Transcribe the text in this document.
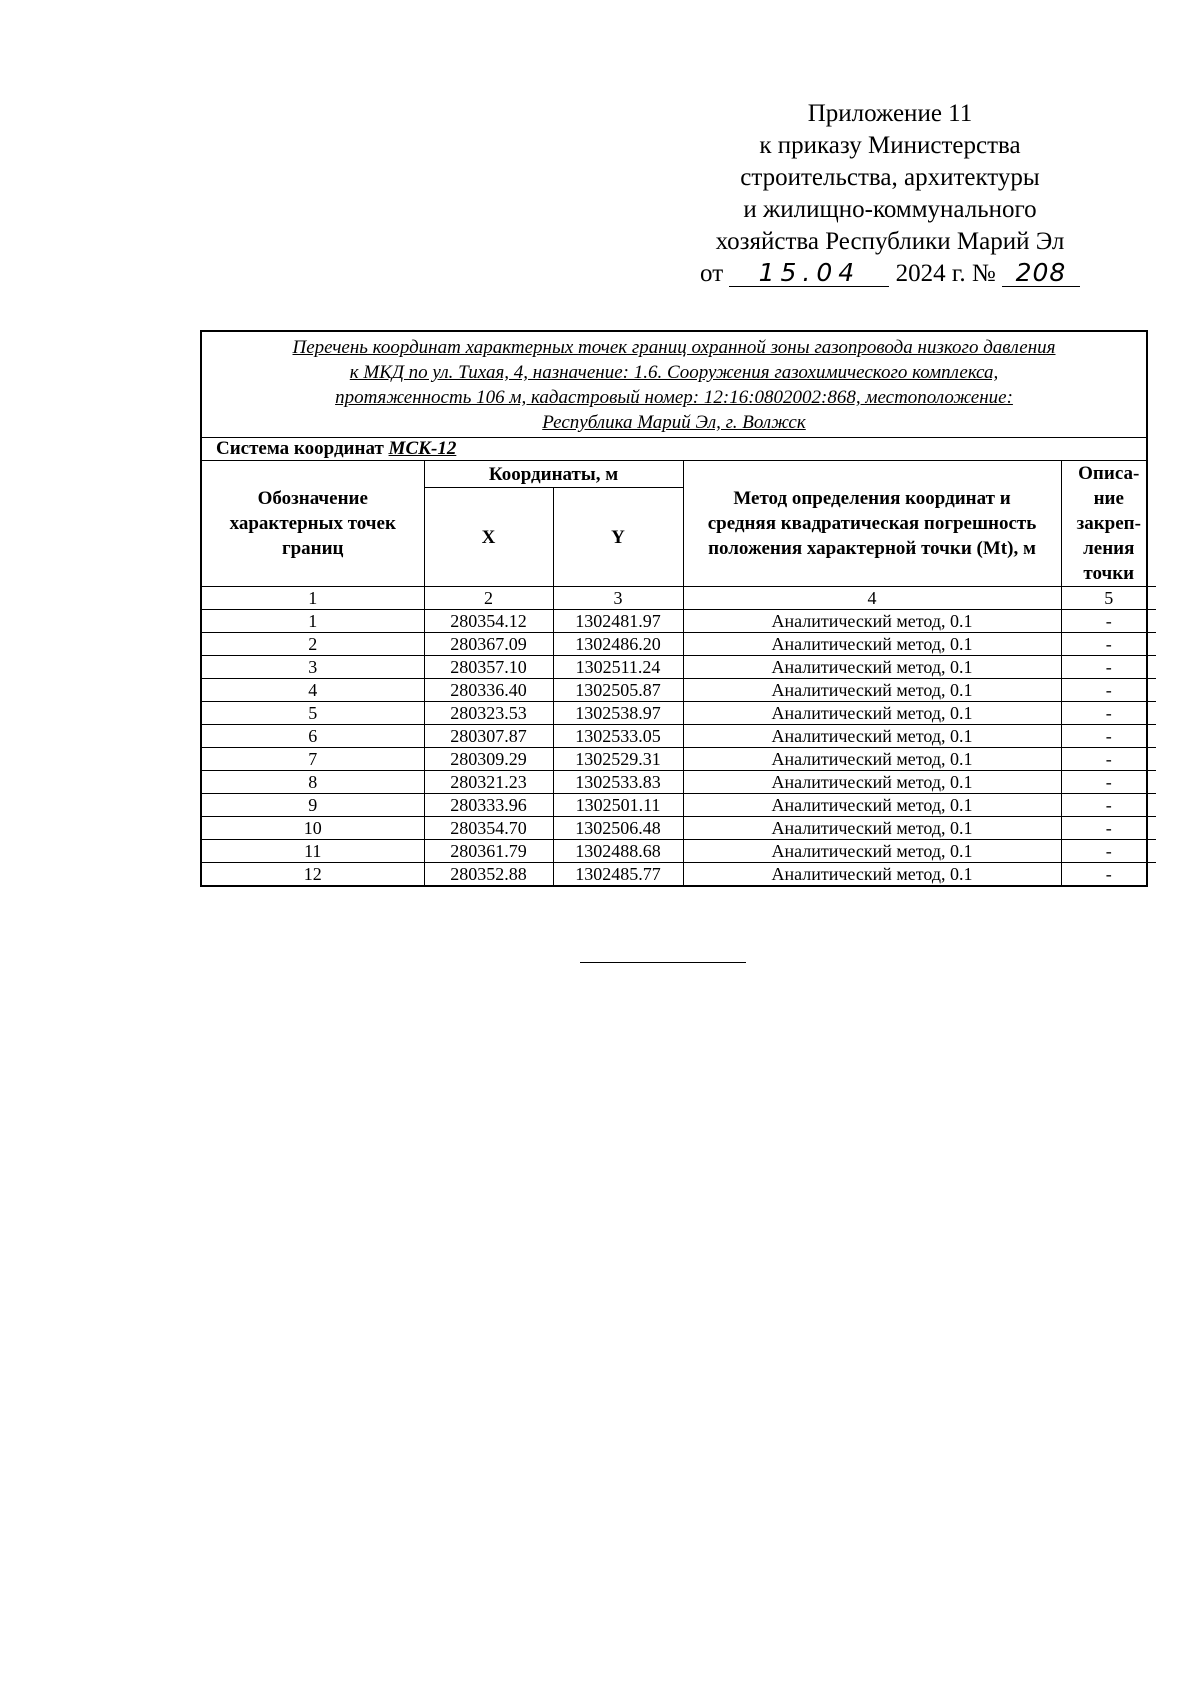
Приложение 11
к приказу Министерства
строительства, архитектуры
и жилищно-коммунального
хозяйства Республики Марий Эл
от 15.04 2024 г. № 208
Перечень координат характерных точек границ охранной зоны газопровода низкого давления
к МКД по ул. Тихая, 4, назначение: 1.6. Сооружения газохимического комплекса,
протяженность 106 м, кадастровый номер: 12:16:0802002:868, местоположение:
Республика Марий Эл, г. Волжск
Система координат МСК-12
Обозначение характерных точек границ	Координаты, м		Метод определения координат и средняя квадратическая погрешность положения характерной точки (Mt), м	Описа-ние закреп-ления точки
	X	Y		
1	2	3	4	5
1	280354.12	1302481.97	Аналитический метод, 0.1	-
2	280367.09	1302486.20	Аналитический метод, 0.1	-
3	280357.10	1302511.24	Аналитический метод, 0.1	-
4	280336.40	1302505.87	Аналитический метод, 0.1	-
5	280323.53	1302538.97	Аналитический метод, 0.1	-
6	280307.87	1302533.05	Аналитический метод, 0.1	-
7	280309.29	1302529.31	Аналитический метод, 0.1	-
8	280321.23	1302533.83	Аналитический метод, 0.1	-
9	280333.96	1302501.11	Аналитический метод, 0.1	-
10	280354.70	1302506.48	Аналитический метод, 0.1	-
11	280361.79	1302488.68	Аналитический метод, 0.1	-
12	280352.88	1302485.77	Аналитический метод, 0.1	-
